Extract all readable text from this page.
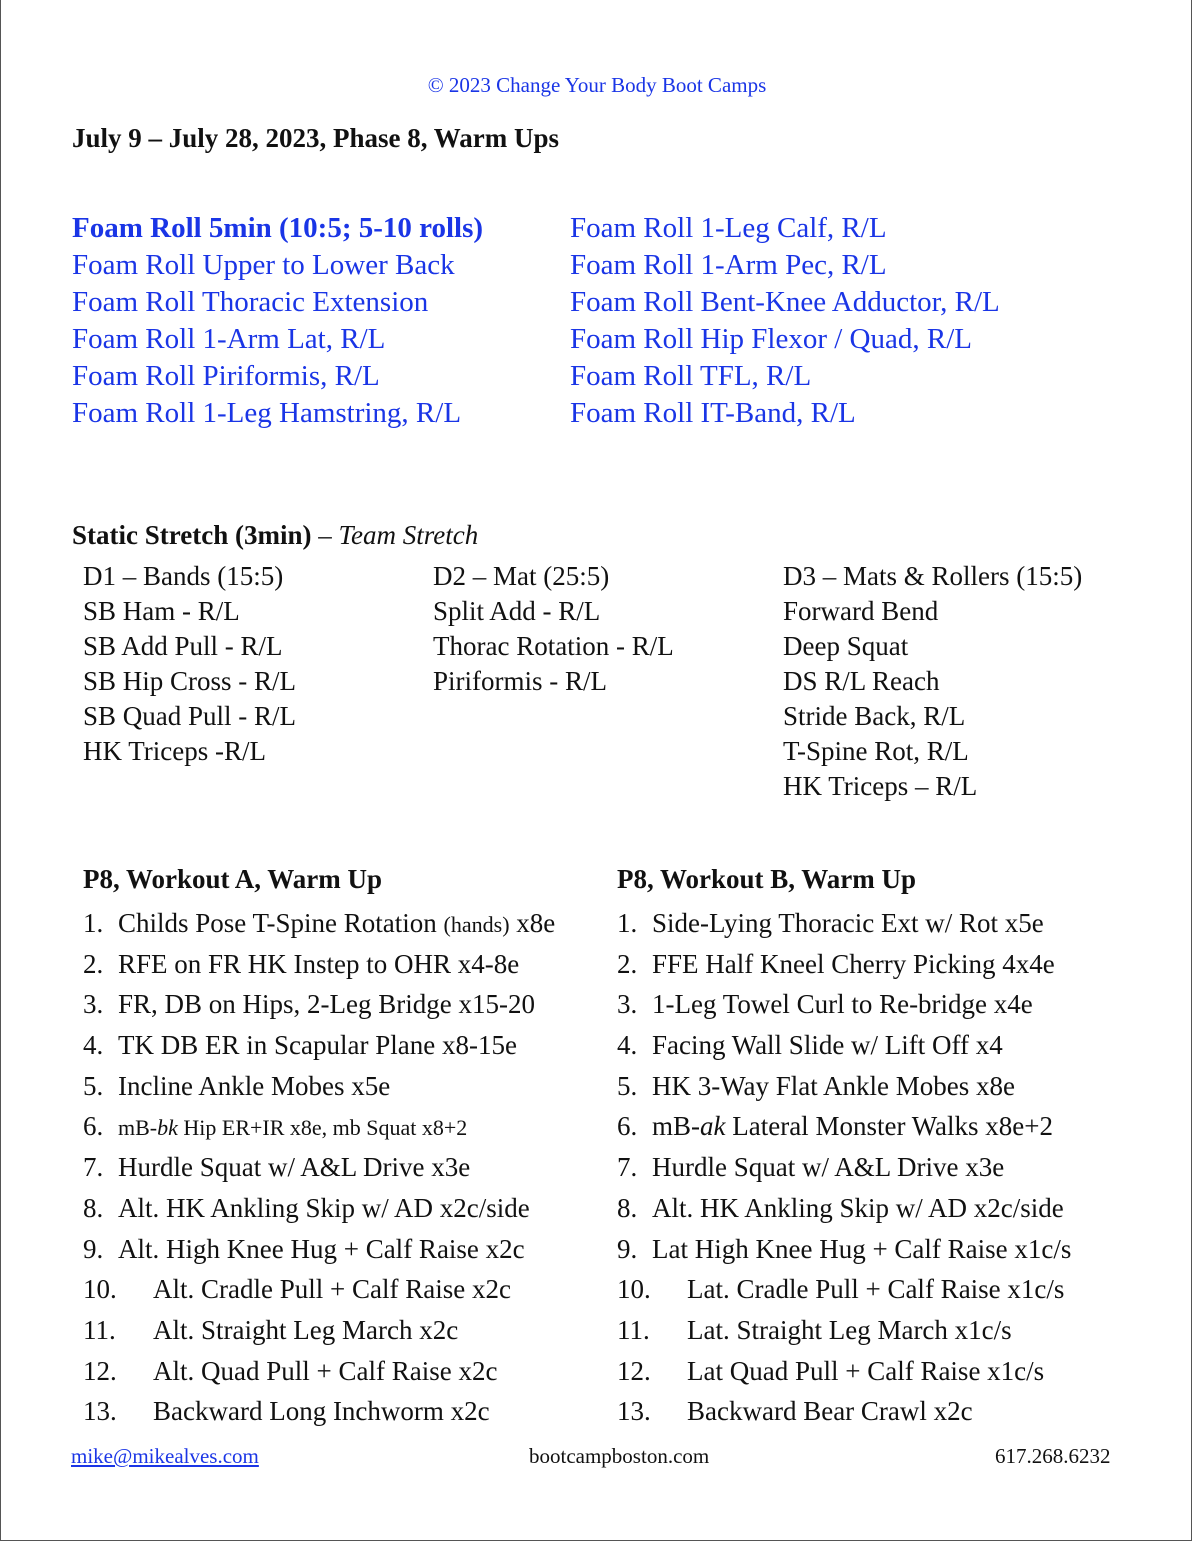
© 2023 Change Your Body Boot Camps
July 9 – July 28, 2023, Phase 8, Warm Ups
Foam Roll 5min (10:5; 5-10 rolls)
Foam Roll Upper to Lower Back
Foam Roll Thoracic Extension
Foam Roll 1-Arm Lat, R/L
Foam Roll Piriformis, R/L
Foam Roll 1-Leg Hamstring, R/L
Foam Roll 1-Leg Calf, R/L
Foam Roll 1-Arm Pec, R/L
Foam Roll Bent-Knee Adductor, R/L
Foam Roll Hip Flexor / Quad, R/L
Foam Roll TFL, R/L
Foam Roll IT-Band, R/L
Static Stretch (3min) – Team Stretch
D1 – Bands (15:5)
SB Ham - R/L
SB Add Pull - R/L
SB Hip Cross - R/L
SB Quad Pull - R/L
HK Triceps -R/L
D2 – Mat (25:5)
Split Add - R/L
Thorac Rotation - R/L
Piriformis - R/L
D3 – Mats & Rollers (15:5)
Forward Bend
Deep Squat
DS R/L Reach
Stride Back, R/L
T-Spine Rot, R/L
HK Triceps – R/L
P8, Workout A, Warm Up
1. Childs Pose T-Spine Rotation (hands) x8e
2. RFE on FR HK Instep to OHR x4-8e
3. FR, DB on Hips, 2-Leg Bridge x15-20
4. TK DB ER in Scapular Plane x8-15e
5. Incline Ankle Mobes x5e
6. mB-bk Hip ER+IR x8e, mb Squat x8+2
7. Hurdle Squat w/ A&L Drive x3e
8. Alt. HK Ankling Skip w/ AD x2c/side
9. Alt. High Knee Hug + Calf Raise x2c
10. Alt. Cradle Pull + Calf Raise x2c
11. Alt. Straight Leg March x2c
12. Alt. Quad Pull + Calf Raise x2c
13. Backward Long Inchworm x2c
P8, Workout B, Warm Up
1. Side-Lying Thoracic Ext w/ Rot x5e
2. FFE Half Kneel Cherry Picking 4x4e
3. 1-Leg Towel Curl to Re-bridge x4e
4. Facing Wall Slide w/ Lift Off x4
5. HK 3-Way Flat Ankle Mobes x8e
6. mB-ak Lateral Monster Walks x8e+2
7. Hurdle Squat w/ A&L Drive x3e
8. Alt. HK Ankling Skip w/ AD x2c/side
9. Lat High Knee Hug + Calf Raise x1c/s
10. Lat. Cradle Pull + Calf Raise x1c/s
11. Lat. Straight Leg March x1c/s
12. Lat Quad Pull + Calf Raise x1c/s
13. Backward Bear Crawl x2c
mike@mikealves.com	bootcampboston.com	617.268.6232
